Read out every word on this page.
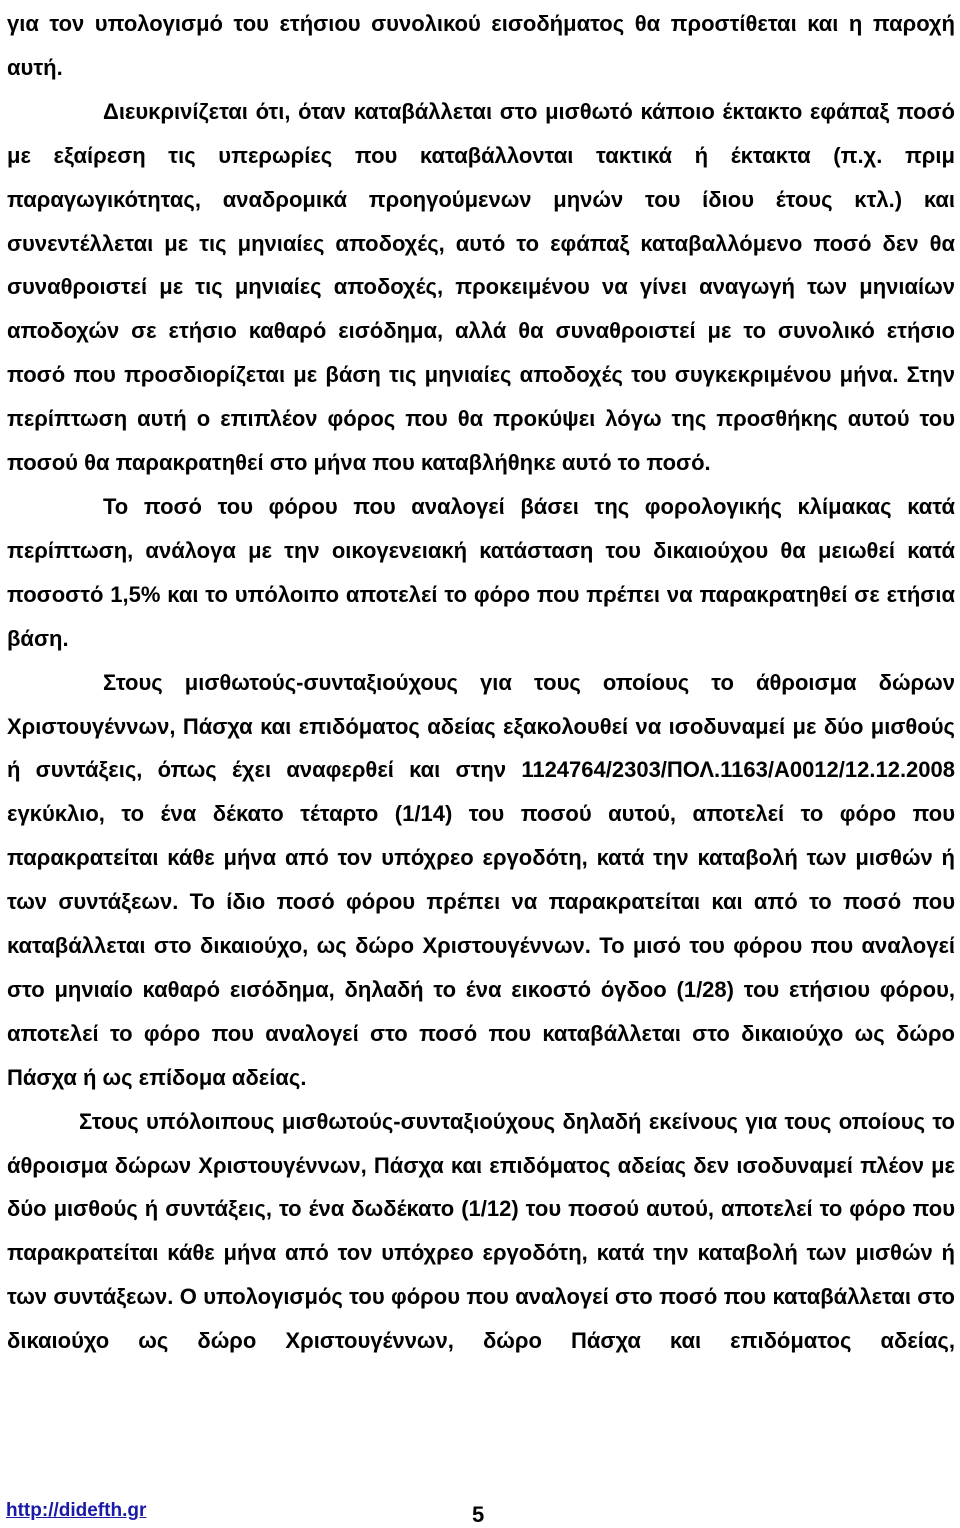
για τον υπολογισμό του ετήσιου συνολικού εισοδήματος θα προστίθεται και η παροχή αυτή.

Διευκρινίζεται ότι, όταν καταβάλλεται στο μισθωτό κάποιο έκτακτο εφάπαξ ποσό με εξαίρεση τις υπερωρίες που καταβάλλονται τακτικά ή έκτακτα (π.χ. πριμ παραγωγικότητας, αναδρομικά προηγούμενων μηνών του ίδιου έτους κτλ.) και συνεντέλλεται με τις μηνιαίες αποδοχές, αυτό το εφάπαξ καταβαλλόμενο ποσό δεν θα συναθροιστεί με τις μηνιαίες αποδοχές, προκειμένου να γίνει αναγωγή των μηνιαίων αποδοχών σε ετήσιο καθαρό εισόδημα, αλλά θα συναθροιστεί με το συνολικό ετήσιο ποσό που προσδιορίζεται με βάση τις μηνιαίες αποδοχές του συγκεκριμένου μήνα. Στην περίπτωση αυτή ο επιπλέον φόρος που θα προκύψει λόγω της προσθήκης αυτού του ποσού θα παρακρατηθεί στο μήνα που καταβλήθηκε αυτό το ποσό.

Το ποσό του φόρου που αναλογεί βάσει της φορολογικής κλίμακας κατά περίπτωση, ανάλογα με την οικογενειακή κατάσταση του δικαιούχου θα μειωθεί κατά ποσοστό 1,5% και το υπόλοιπο αποτελεί το φόρο που πρέπει να παρακρατηθεί σε ετήσια βάση.

Στους μισθωτούς-συνταξιούχους για τους οποίους το άθροισμα δώρων Χριστουγέννων, Πάσχα και επιδόματος αδείας εξακολουθεί να ισοδυναμεί με δύο μισθούς ή συντάξεις, όπως έχει αναφερθεί και στην 1124764/2303/ΠΟΛ.1163/Α0012/12.12.2008 εγκύκλιο, το ένα δέκατο τέταρτο (1/14) του ποσού αυτού, αποτελεί το φόρο που παρακρατείται κάθε μήνα από τον υπόχρεο εργοδότη, κατά την καταβολή των μισθών ή των συντάξεων. Το ίδιο ποσό φόρου πρέπει να παρακρατείται και από το ποσό που καταβάλλεται στο δικαιούχο, ως δώρο Χριστουγέννων. Το μισό του φόρου που αναλογεί στο μηνιαίο καθαρό εισόδημα, δηλαδή το ένα εικοστό όγδοο (1/28) του ετήσιου φόρου, αποτελεί το φόρο που αναλογεί στο ποσό που καταβάλλεται στο δικαιούχο ως δώρο Πάσχα ή ως επίδομα αδείας.

Στους υπόλοιπους μισθωτούς-συνταξιούχους δηλαδή εκείνους για τους οποίους το άθροισμα δώρων Χριστουγέννων, Πάσχα και επιδόματος αδείας δεν ισοδυναμεί πλέον με δύο μισθούς ή συντάξεις, το ένα δωδέκατο (1/12) του ποσού αυτού, αποτελεί το φόρο που παρακρατείται κάθε μήνα από τον υπόχρεο εργοδότη, κατά την καταβολή των μισθών ή των συντάξεων. Ο υπολογισμός του φόρου που αναλογεί στο ποσό που καταβάλλεται στο δικαιούχο ως δώρο Χριστουγέννων, δώρο Πάσχα και επιδόματος αδείας,

http://didefth.gr	5
